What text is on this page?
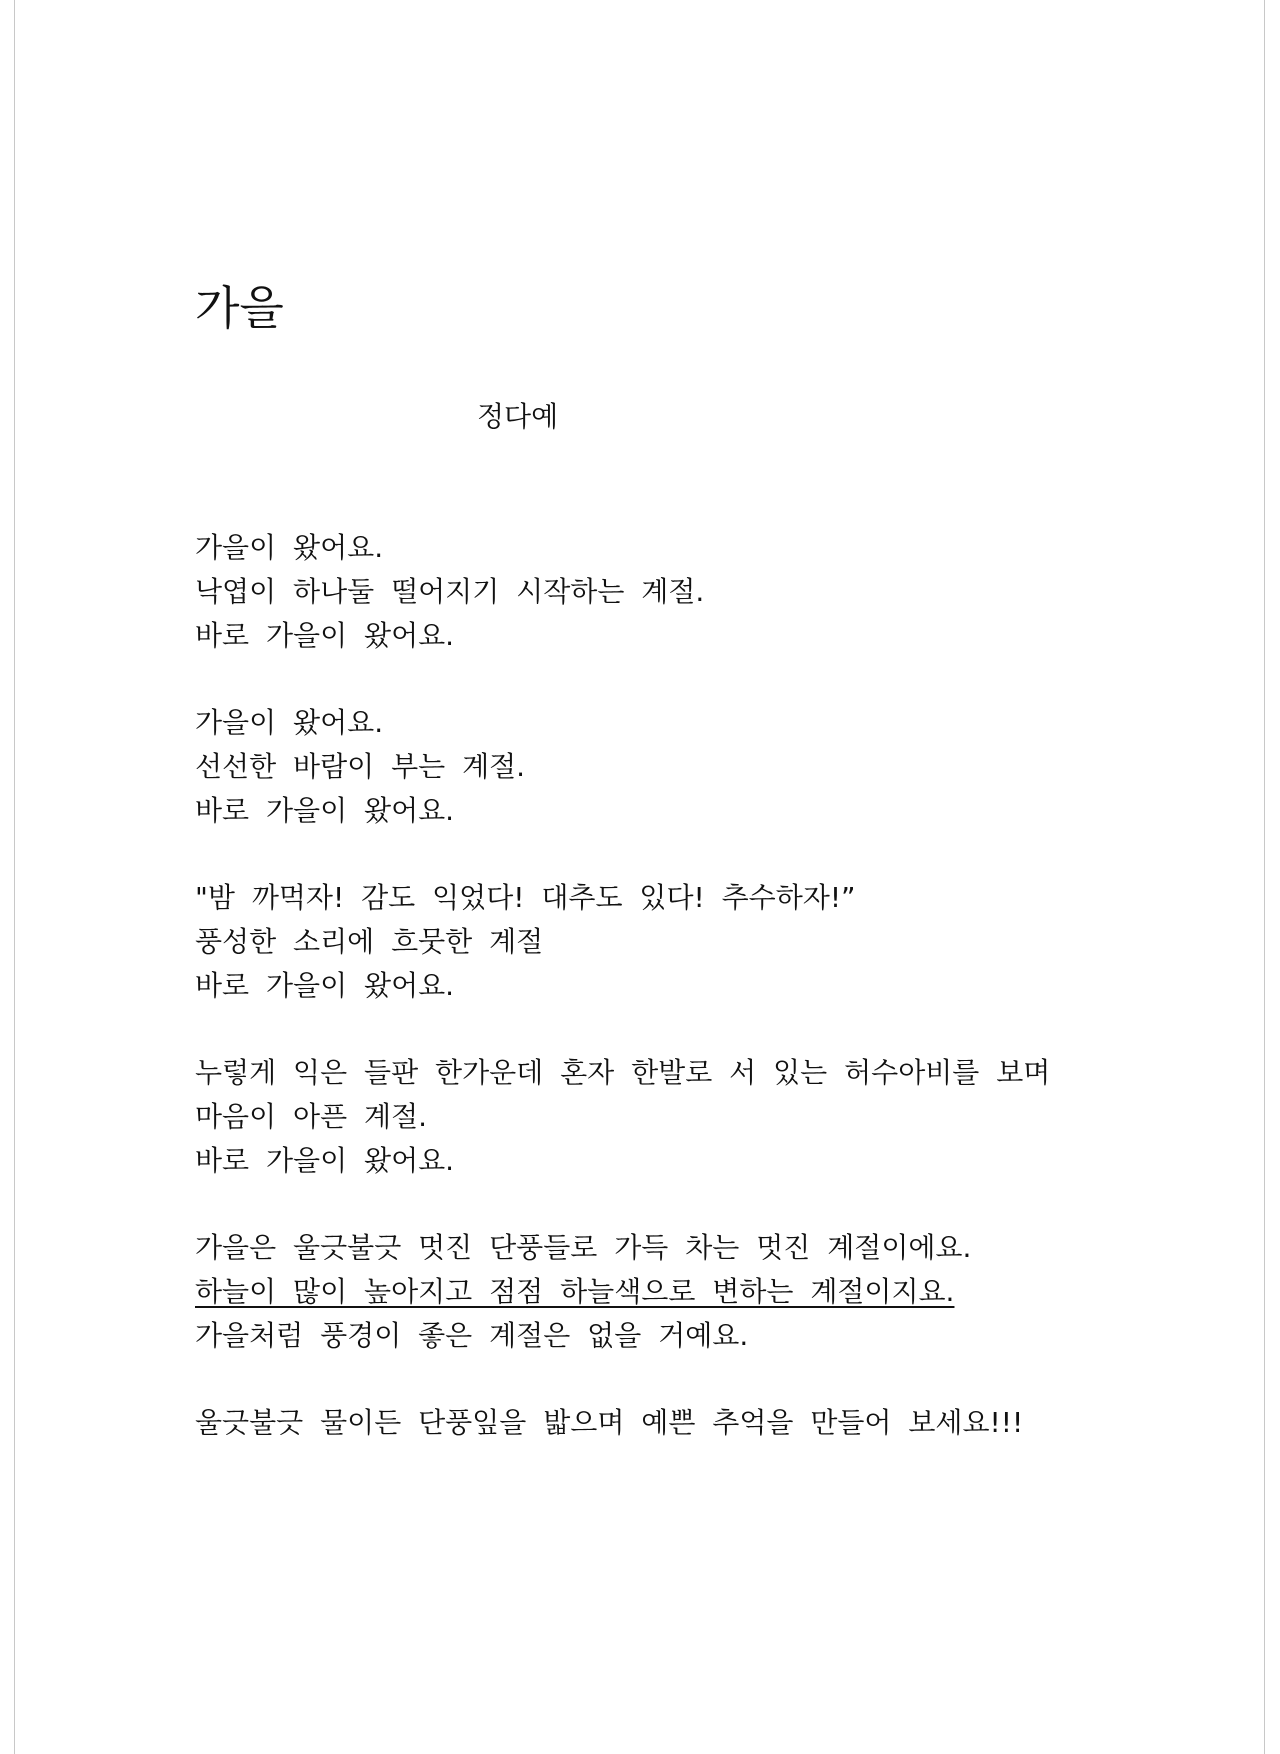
가을
정다예
가을이 왔어요.
낙엽이 하나둘 떨어지기 시작하는 계절.
바로 가을이 왔어요.
가을이 왔어요.
선선한 바람이 부는 계절.
바로 가을이 왔어요.
"밤 까먹자! 감도 익었다! 대추도 있다! 추수하자!”
풍성한 소리에 흐뭇한 계절
바로 가을이 왔어요.
누렇게 익은 들판 한가운데 혼자 한발로 서 있는 허수아비를 보며
마음이 아픈 계절.
바로 가을이 왔어요.
가을은 울긋불긋 멋진 단풍들로 가득 차는 멋진 계절이에요.
하늘이 많이 높아지고 점점 하늘색으로 변하는 계절이지요.
가을처럼 풍경이 좋은 계절은 없을 거예요.
울긋불긋 물이든 단풍잎을 밟으며 예쁜 추억을 만들어 보세요!!!
